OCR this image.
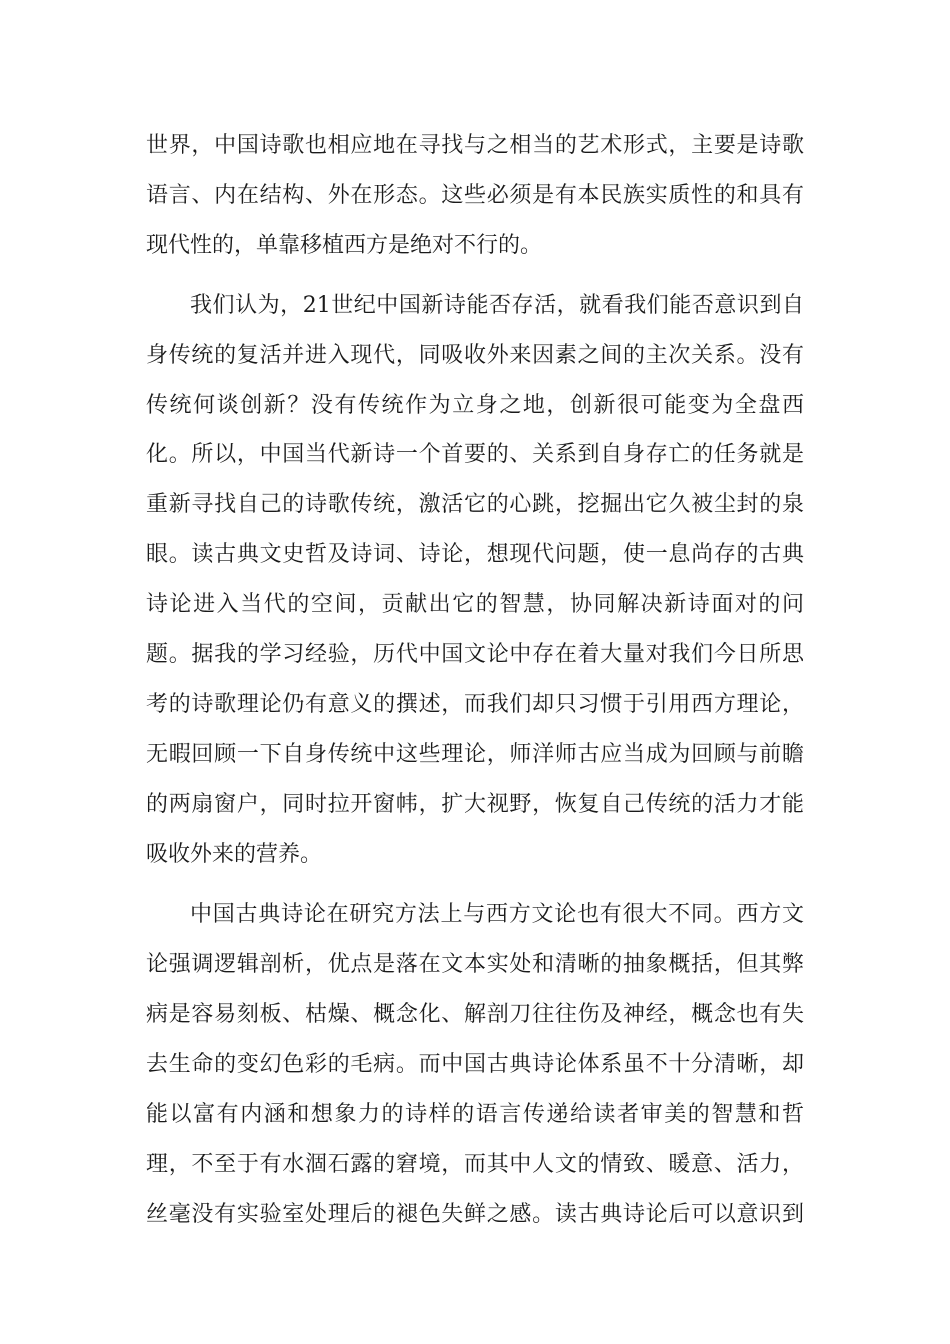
世界，中国诗歌也相应地在寻找与之相当的艺术形式，主要是诗歌
语言、内在结构、外在形态。这些必须是有本民族实质性的和具有
现代性的，单靠移植西方是绝对不行的。
我们认为，21世纪中国新诗能否存活，就看我们能否意识到自
身传统的复活并进入现代，同吸收外来因素之间的主次关系。没有
传统何谈创新？没有传统作为立身之地，创新很可能变为全盘西
化。所以，中国当代新诗一个首要的、关系到自身存亡的任务就是
重新寻找自己的诗歌传统，激活它的心跳，挖掘出它久被尘封的泉
眼。读古典文史哲及诗词、诗论，想现代问题，使一息尚存的古典
诗论进入当代的空间，贡献出它的智慧，协同解决新诗面对的问
题。据我的学习经验，历代中国文论中存在着大量对我们今日所思
考的诗歌理论仍有意义的撰述，而我们却只习惯于引用西方理论，
无暇回顾一下自身传统中这些理论，师洋师古应当成为回顾与前瞻
的两扇窗户，同时拉开窗帏，扩大视野，恢复自己传统的活力才能
吸收外来的营养。
中国古典诗论在研究方法上与西方文论也有很大不同。西方文
论强调逻辑剖析，优点是落在文本实处和清晰的抽象概括，但其弊
病是容易刻板、枯燥、概念化、解剖刀往往伤及神经，概念也有失
去生命的变幻色彩的毛病。而中国古典诗论体系虽不十分清晰，却
能以富有内涵和想象力的诗样的语言传递给读者审美的智慧和哲
理，不至于有水涸石露的窘境，而其中人文的情致、暖意、活力，
丝毫没有实验室处理后的褪色失鲜之感。读古典诗论后可以意识到
